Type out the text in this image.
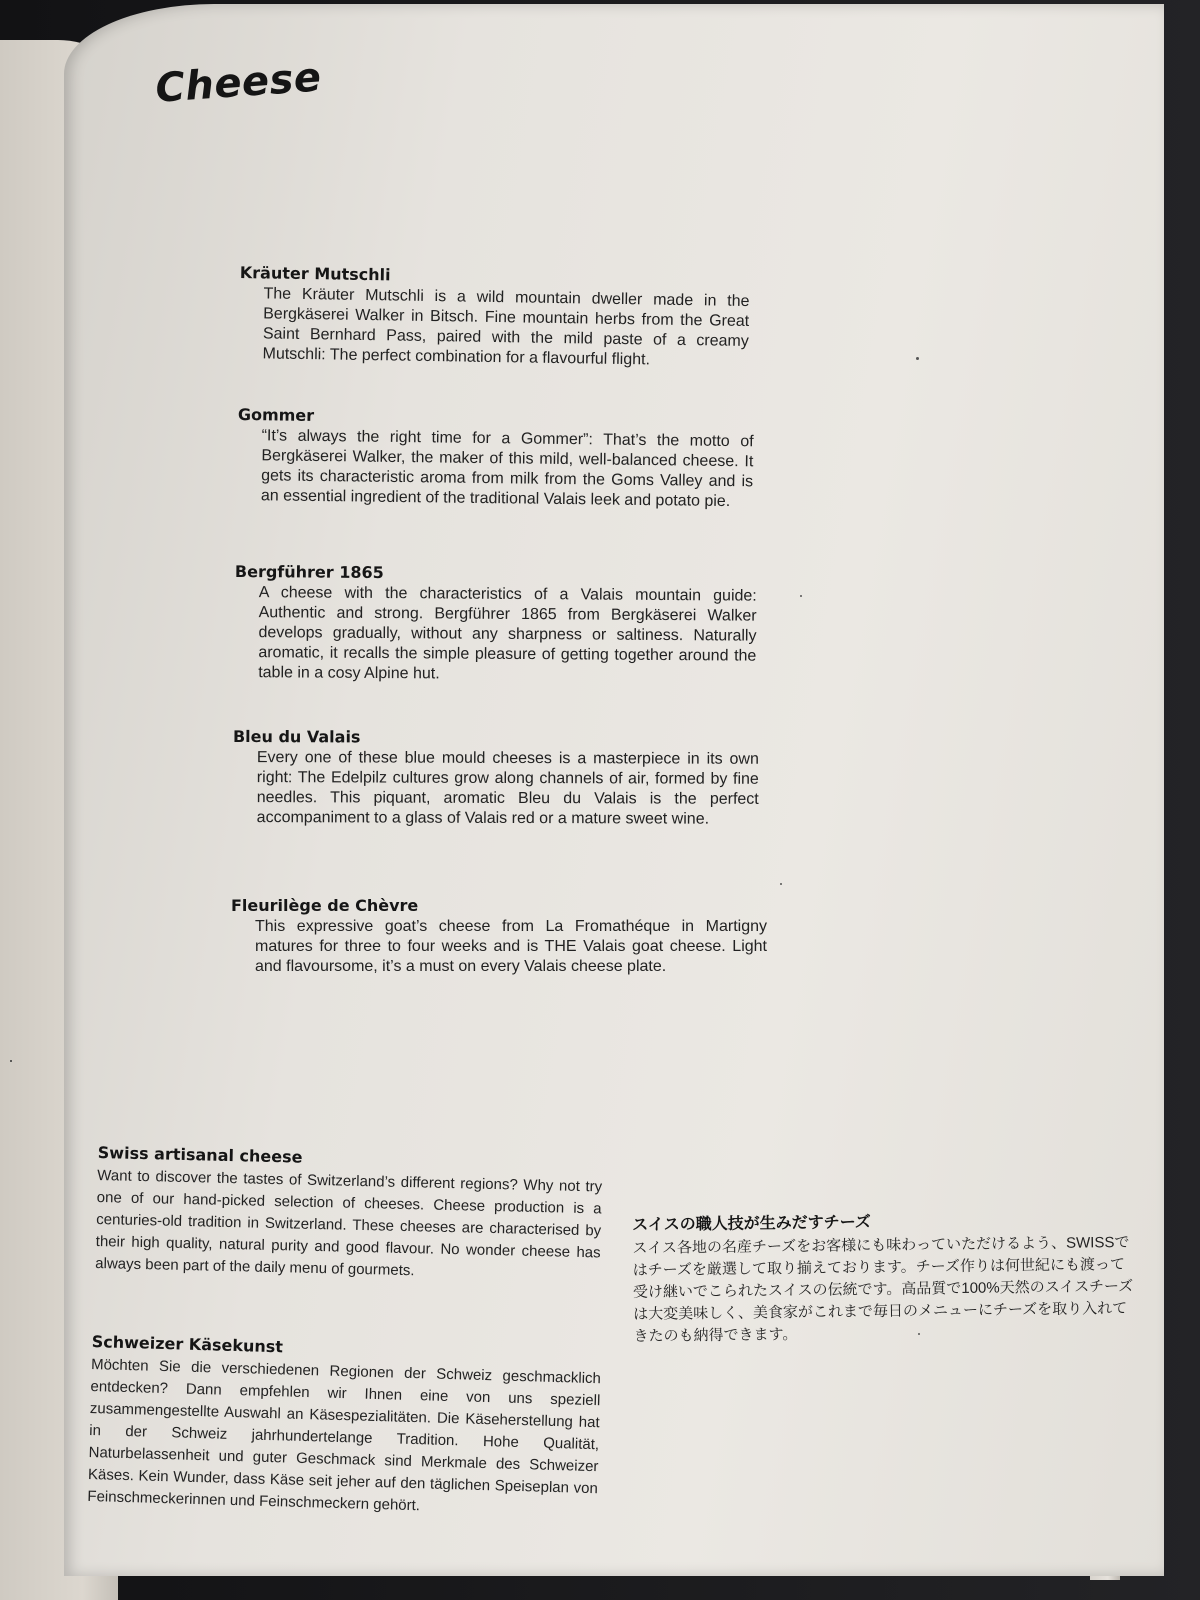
Cheese
Kräuter Mutschli

The Kräuter Mutschli is a wild mountain dweller made in the Bergkäserei Walker in Bitsch. Fine mountain herbs from the Great Saint Bernhard Pass, paired with the mild paste of a creamy Mutschli: The perfect combination for a flavourful flight.

Gommer

“It’s always the right time for a Gommer”: That’s the motto of Bergkäserei Walker, the maker of this mild, well-balanced cheese. It gets its characteristic aroma from milk from the Goms Valley and is an essential ingredient of the traditional Valais leek and potato pie.

Bergführer 1865

A cheese with the characteristics of a Valais mountain guide: Authentic and strong. Bergführer 1865 from Bergkäserei Walker develops gradually, without any sharpness or saltiness. Naturally aromatic, it recalls the simple pleasure of getting together around the table in a cosy Alpine hut.

Bleu du Valais

Every one of these blue mould cheeses is a masterpiece in its own right: The Edelpilz cultures grow along channels of air, formed by fine needles. This piquant, aromatic Bleu du Valais is the perfect accompaniment to a glass of Valais red or a mature sweet wine.

Fleurilège de Chèvre

This expressive goat’s cheese from La Fromathéque in Martigny matures for three to four weeks and is THE Valais goat cheese. Light and flavoursome, it’s a must on every Valais cheese plate.

Swiss artisanal cheese

Want to discover the tastes of Switzerland’s different regions? Why not try one of our hand-picked selection of cheeses. Cheese production is a centuries-old tradition in Switzerland. These cheeses are characterised by their high quality, natural purity and good flavour. No wonder cheese has always been part of the daily menu of gourmets.

Schweizer Käsekunst

Möchten Sie die verschiedenen Regionen der Schweiz geschmacklich entdecken? Dann empfehlen wir Ihnen eine von uns speziell zusammengestellte Auswahl an Käsespezialitäten. Die Käseherstellung hat in der Schweiz jahrhundertelange Tradition. Hohe Qualität, Naturbelassenheit und guter Geschmack sind Merkmale des Schweizer Käses. Kein Wunder, dass Käse seit jeher auf den täglichen Speiseplan von Feinschmeckerinnen und Feinschmeckern gehört.

スイスの職人技が生みだすチーズ

スイス各地の名産チーズをお客様にも味わっていただけるよう、SWISSではチーズを厳選して取り揃えております。チーズ作りは何世紀にも渡って受け継いでこられたスイスの伝統です。高品質で100%天然のスイスチーズは大変美味しく、美食家がこれまで毎日のメニューにチーズを取り入れてきたのも納得できます。
